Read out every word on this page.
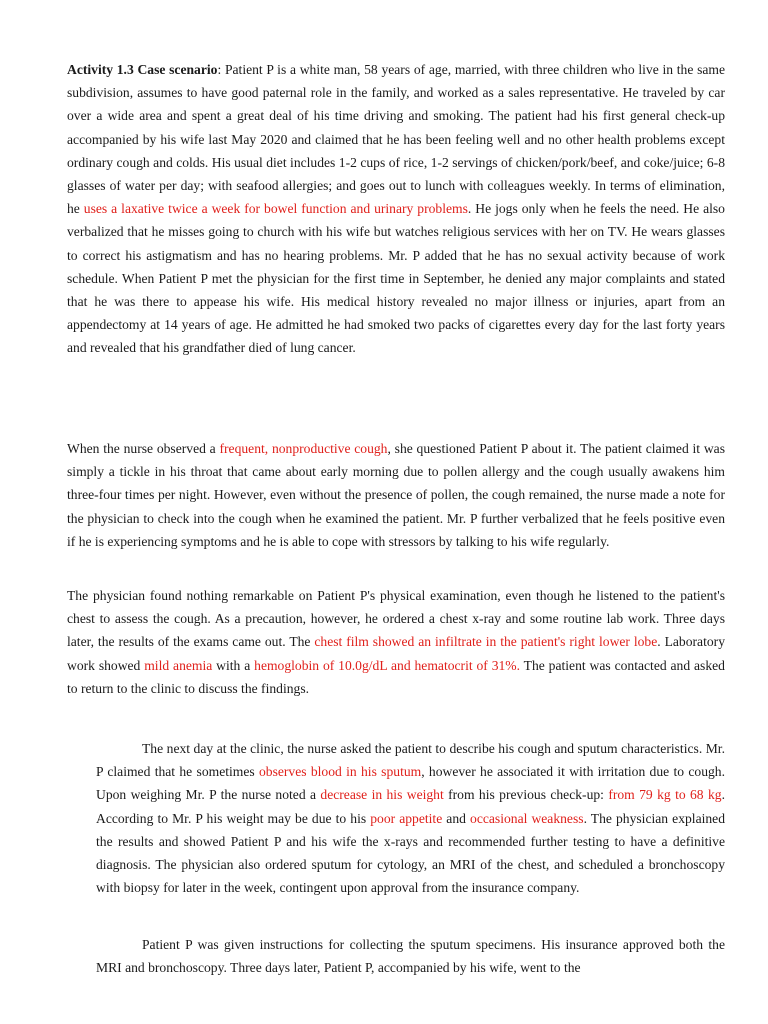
Activity 1.3 Case scenario: Patient P is a white man, 58 years of age, married, with three children who live in the same subdivision, assumes to have good paternal role in the family, and worked as a sales representative. He traveled by car over a wide area and spent a great deal of his time driving and smoking. The patient had his first general check-up accompanied by his wife last May 2020 and claimed that he has been feeling well and no other health problems except ordinary cough and colds. His usual diet includes 1-2 cups of rice, 1-2 servings of chicken/pork/beef, and coke/juice; 6-8 glasses of water per day; with seafood allergies; and goes out to lunch with colleagues weekly. In terms of elimination, he uses a laxative twice a week for bowel function and urinary problems. He jogs only when he feels the need. He also verbalized that he misses going to church with his wife but watches religious services with her on TV. He wears glasses to correct his astigmatism and has no hearing problems. Mr. P added that he has no sexual activity because of work schedule. When Patient P met the physician for the first time in September, he denied any major complaints and stated that he was there to appease his wife. His medical history revealed no major illness or injuries, apart from an appendectomy at 14 years of age. He admitted he had smoked two packs of cigarettes every day for the last forty years and revealed that his grandfather died of lung cancer.

When the nurse observed a frequent, nonproductive cough, she questioned Patient P about it. The patient claimed it was simply a tickle in his throat that came about early morning due to pollen allergy and the cough usually awakens him three-four times per night. However, even without the presence of pollen, the cough remained, the nurse made a note for the physician to check into the cough when he examined the patient. Mr. P further verbalized that he feels positive even if he is experiencing symptoms and he is able to cope with stressors by talking to his wife regularly.

The physician found nothing remarkable on Patient P's physical examination, even though he listened to the patient's chest to assess the cough. As a precaution, however, he ordered a chest x-ray and some routine lab work. Three days later, the results of the exams came out. The chest film showed an infiltrate in the patient's right lower lobe. Laboratory work showed mild anemia with a hemoglobin of 10.0g/dL and hematocrit of 31%. The patient was contacted and asked to return to the clinic to discuss the findings.

The next day at the clinic, the nurse asked the patient to describe his cough and sputum characteristics. Mr. P claimed that he sometimes observes blood in his sputum, however he associated it with irritation due to cough. Upon weighing Mr. P the nurse noted a decrease in his weight from his previous check-up: from 79 kg to 68 kg. According to Mr. P his weight may be due to his poor appetite and occasional weakness. The physician explained the results and showed Patient P and his wife the x-rays and recommended further testing to have a definitive diagnosis. The physician also ordered sputum for cytology, an MRI of the chest, and scheduled a bronchoscopy with biopsy for later in the week, contingent upon approval from the insurance company.

Patient P was given instructions for collecting the sputum specimens. His insurance approved both the MRI and bronchoscopy. Three days later, Patient P, accompanied by his wife, went to the
